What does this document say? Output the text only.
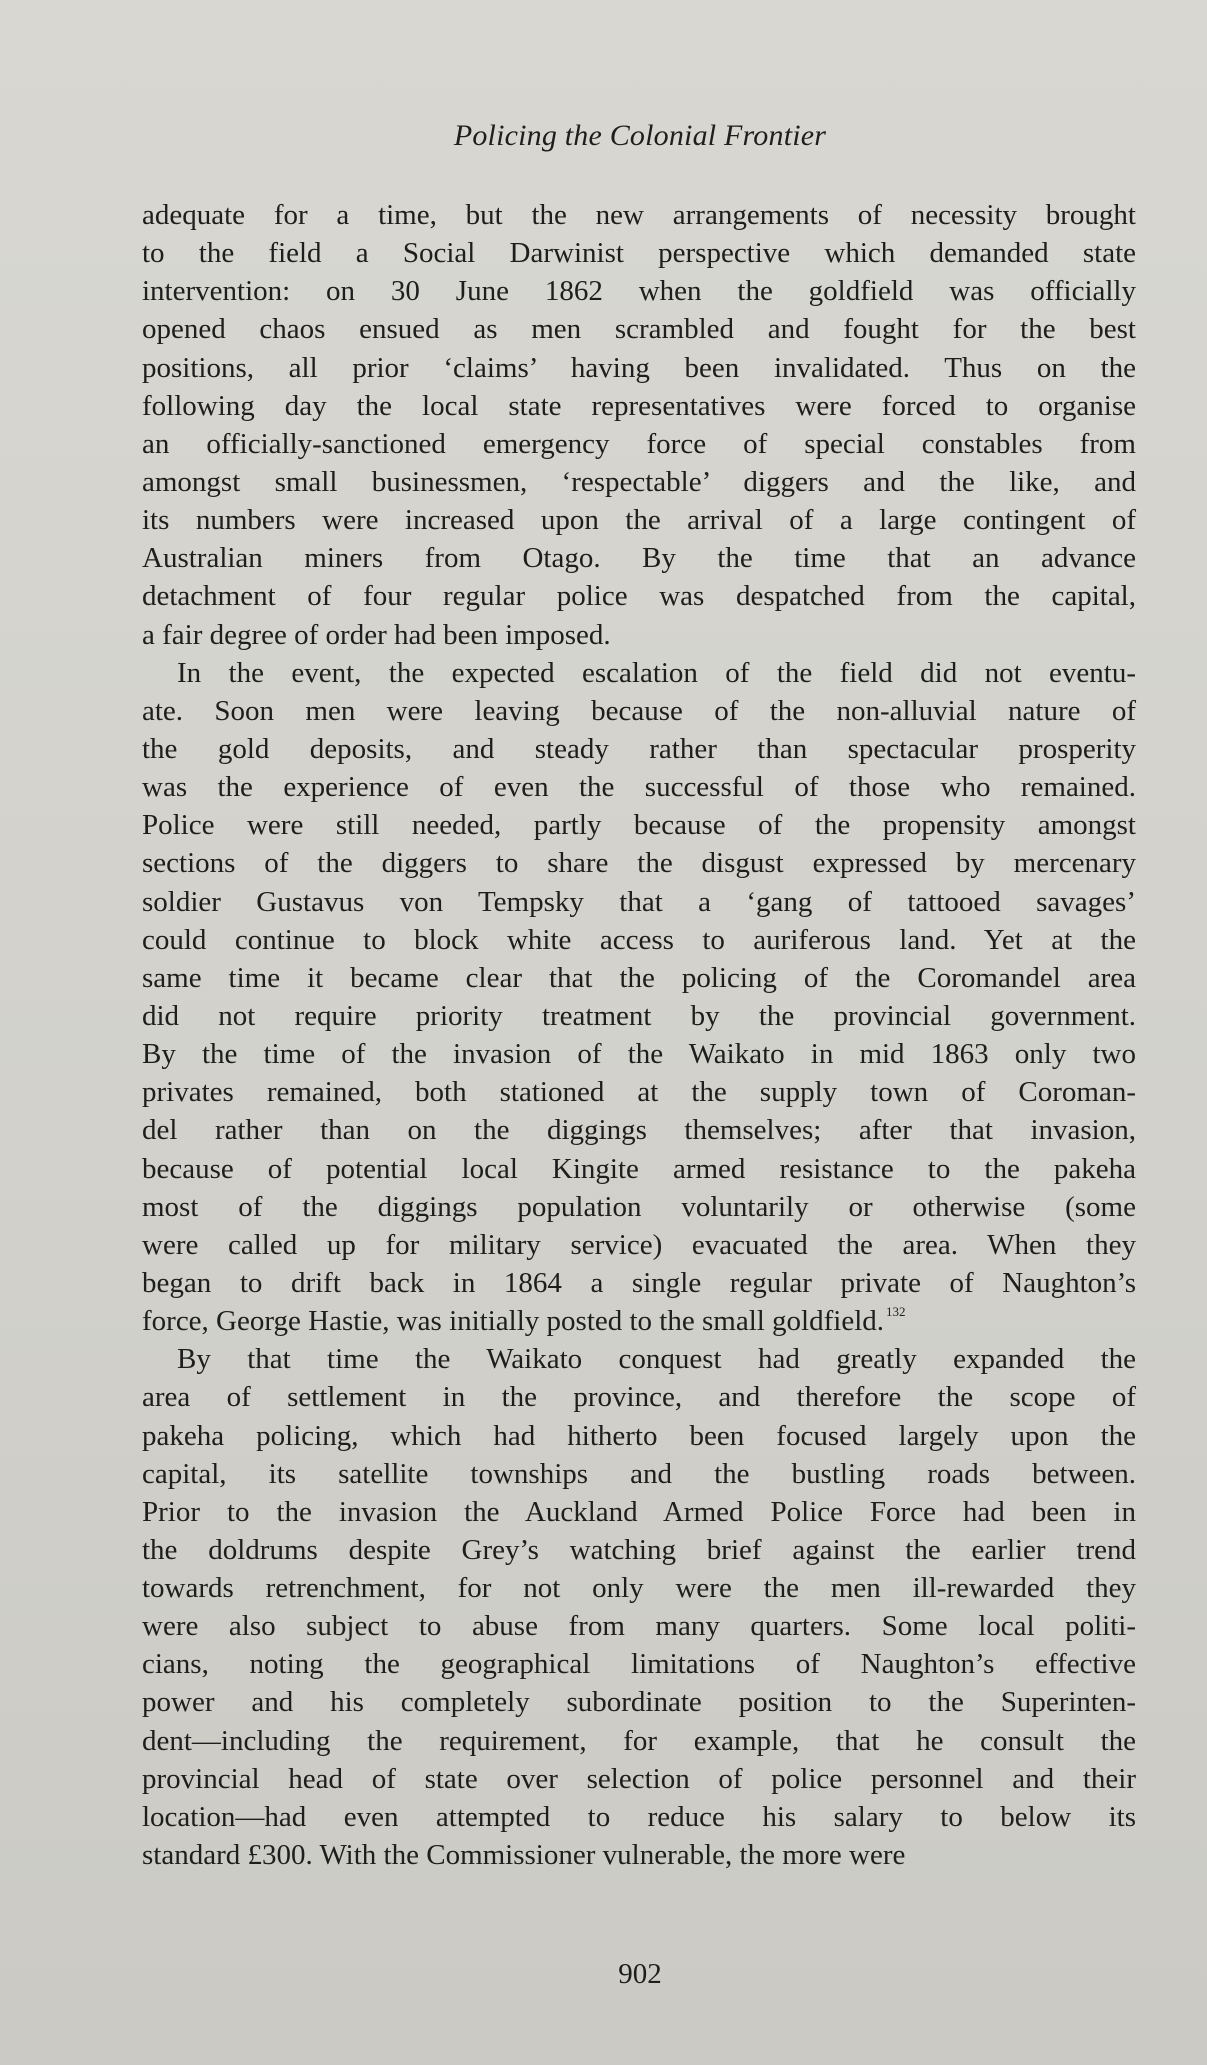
Policing the Colonial Frontier
adequate for a time, but the new arrangements of necessity brought
to the field a Social Darwinist perspective which demanded state
intervention: on 30 June 1862 when the goldfield was officially
opened chaos ensued as men scrambled and fought for the best
positions, all prior ‘claims’ having been invalidated. Thus on the
following day the local state representatives were forced to organise
an officially-sanctioned emergency force of special constables from
amongst small businessmen, ‘respectable’ diggers and the like, and
its numbers were increased upon the arrival of a large contingent of
Australian miners from Otago. By the time that an advance
detachment of four regular police was despatched from the capital,
a fair degree of order had been imposed.
In the event, the expected escalation of the field did not eventu-
ate. Soon men were leaving because of the non-alluvial nature of
the gold deposits, and steady rather than spectacular prosperity
was the experience of even the successful of those who remained.
Police were still needed, partly because of the propensity amongst
sections of the diggers to share the disgust expressed by mercenary
soldier Gustavus von Tempsky that a ‘gang of tattooed savages’
could continue to block white access to auriferous land. Yet at the
same time it became clear that the policing of the Coromandel area
did not require priority treatment by the provincial government.
By the time of the invasion of the Waikato in mid 1863 only two
privates remained, both stationed at the supply town of Coroman-
del rather than on the diggings themselves; after that invasion,
because of potential local Kingite armed resistance to the pakeha
most of the diggings population voluntarily or otherwise (some
were called up for military service) evacuated the area. When they
began to drift back in 1864 a single regular private of Naughton’s
force, George Hastie, was initially posted to the small goldfield. $^{132}$
By that time the Waikato conquest had greatly expanded the
area of settlement in the province, and therefore the scope of
pakeha policing, which had hitherto been focused largely upon the
capital, its satellite townships and the bustling roads between.
Prior to the invasion the Auckland Armed Police Force had been in
the doldrums despite Grey’s watching brief against the earlier trend
towards retrenchment, for not only were the men ill-rewarded they
were also subject to abuse from many quarters. Some local politi-
cians, noting the geographical limitations of Naughton’s effective
power and his completely subordinate position to the Superinten-
dent—including the requirement, for example, that he consult the
provincial head of state over selection of police personnel and their
location—had even attempted to reduce his salary to below its
standard £300. With the Commissioner vulnerable, the more were
902
